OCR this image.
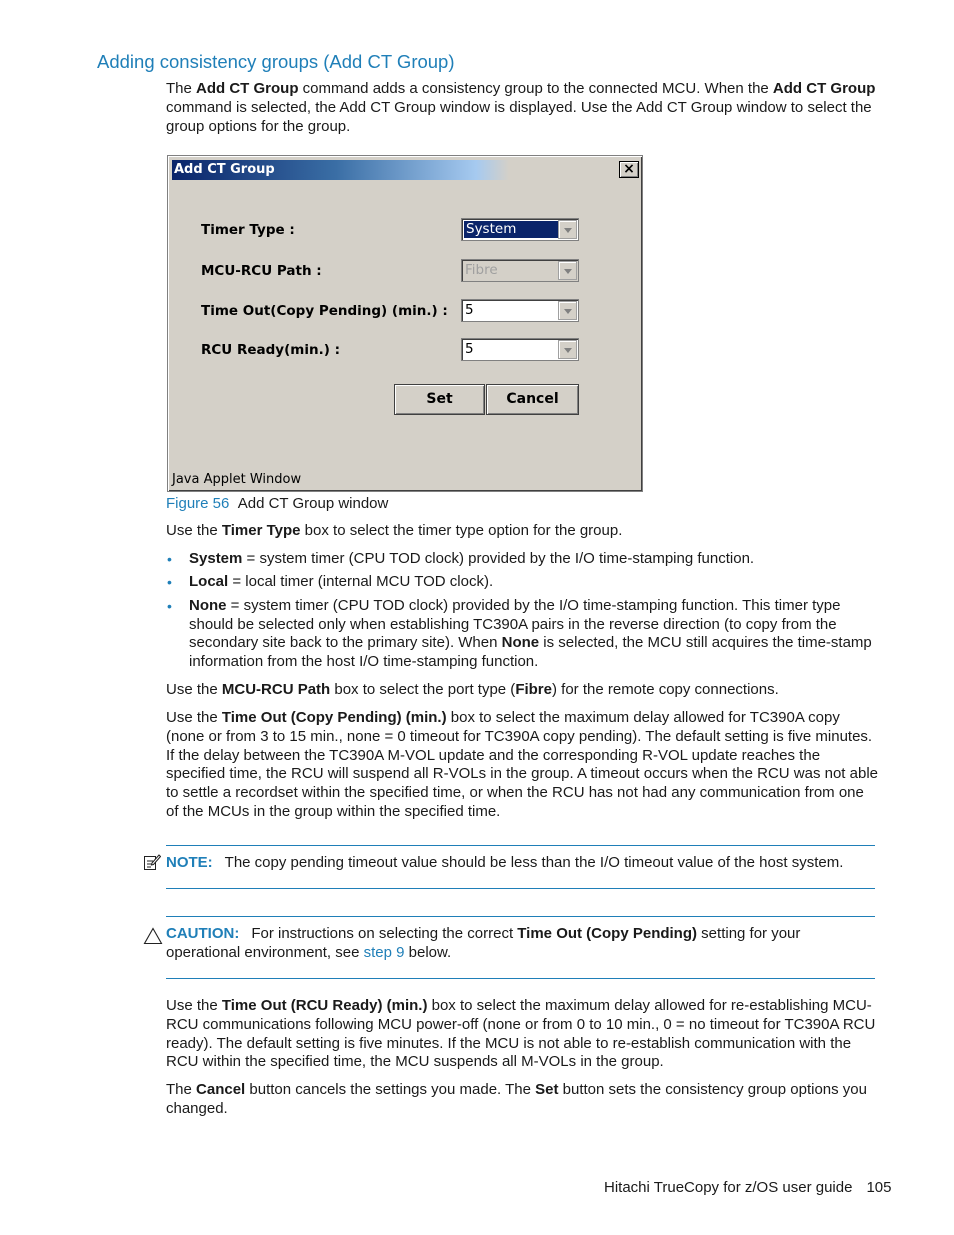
Adding consistency groups (Add CT Group)

The Add CT Group command adds a consistency group to the connected MCU. When the Add CT Group command is selected, the Add CT Group window is displayed. Use the Add CT Group window to select the group options for the group.

Add CT Group	×
Timer Type :	System
MCU-RCU Path :	Fibre
Time Out(Copy Pending) (min.) : 5
RCU Ready(min.) :	5
Set	Cancel
Java Applet Window
Figure 56 Add CT Group window

Use the Timer Type box to select the timer type option for the group.

• System = system timer (CPU TOD clock) provided by the I/O time-stamping function.
• Local = local timer (internal MCU TOD clock).
• None = system timer (CPU TOD clock) provided by the I/O time-stamping function. This timer type should be selected only when establishing TC390A pairs in the reverse direction (to copy from the secondary site back to the primary site). When None is selected, the MCU still acquires the time-stamp information from the host I/O time-stamping function.

Use the MCU-RCU Path box to select the port type (Fibre) for the remote copy connections.

Use the Time Out (Copy Pending) (min.) box to select the maximum delay allowed for TC390A copy (none or from 3 to 15 min., none = 0 timeout for TC390A copy pending). The default setting is five minutes. If the delay between the TC390A M-VOL update and the corresponding R-VOL update reaches the specified time, the RCU will suspend all R-VOLs in the group. A timeout occurs when the RCU was not able to settle a recordset within the specified time, or when the RCU has not had any communication from one of the MCUs in the group within the specified time.

NOTE: The copy pending timeout value should be less than the I/O timeout value of the host system.

CAUTION: For instructions on selecting the correct Time Out (Copy Pending) setting for your operational environment, see step 9 below.

Use the Time Out (RCU Ready) (min.) box to select the maximum delay allowed for re-establishing MCU-RCU communications following MCU power-off (none or from 0 to 10 min., 0 = no timeout for TC390A RCU ready). The default setting is five minutes. If the MCU is not able to re-establish communication with the RCU within the specified time, the MCU suspends all M-VOLs in the group.

The Cancel button cancels the settings you made. The Set button sets the consistency group options you changed.

Hitachi TrueCopy for z/OS user guide 105
